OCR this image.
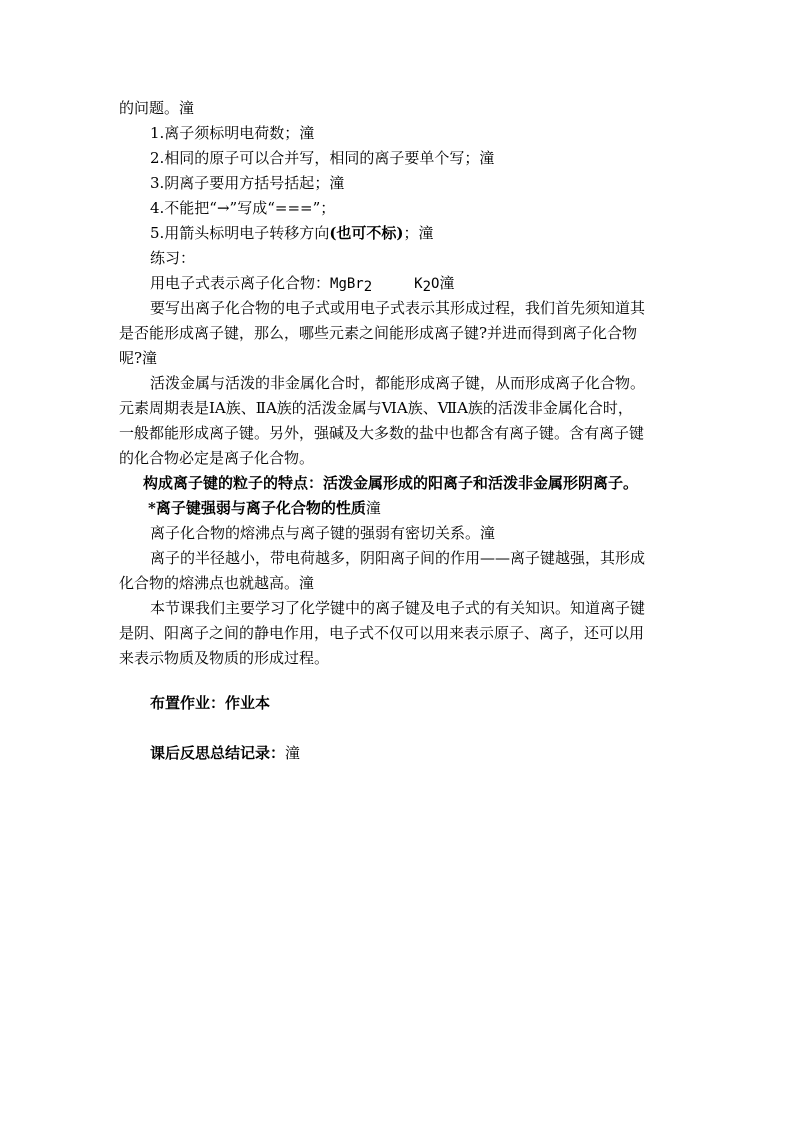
的问题。潼
1.离子须标明电荷数；潼
2.相同的原子可以合并写，相同的离子要单个写；潼
3.阴离子要用方括号括起；潼
4.不能把“→”写成“===”；
5.用箭头标明电子转移方向(也可不标)；潼
练习：
用电子式表示离子化合物：MgBr$_2$	$K_2O$潼
要写出离子化合物的电子式或用电子式表示其形成过程，我们首先须知道其
是否能形成离子键，那么，哪些元素之间能形成离子键?并进而得到离子化合物
呢?潼
活泼金属与活泼的非金属化合时，都能形成离子键，从而形成离子化合物。
元素周期表是ⅠA族、ⅡA族的活泼金属与ⅥA族、ⅦA族的活泼非金属化合时，
一般都能形成离子键。另外，强碱及大多数的盐中也都含有离子键。含有离子键
的化合物必定是离子化合物。
构成离子键的粒子的特点：活泼金属形成的阳离子和活泼非金属形阴离子。
*离子键强弱与离子化合物的性质潼
离子化合物的熔沸点与离子键的强弱有密切关系。潼
离子的半径越小，带电荷越多，阴阳离子间的作用——离子键越强，其形成
化合物的熔沸点也就越高。潼
本节课我们主要学习了化学键中的离子键及电子式的有关知识。知道离子键
是阴、阳离子之间的静电作用，电子式不仅可以用来表示原子、离子，还可以用
来表示物质及物质的形成过程。
布置作业：作业本
课后反思总结记录：潼
